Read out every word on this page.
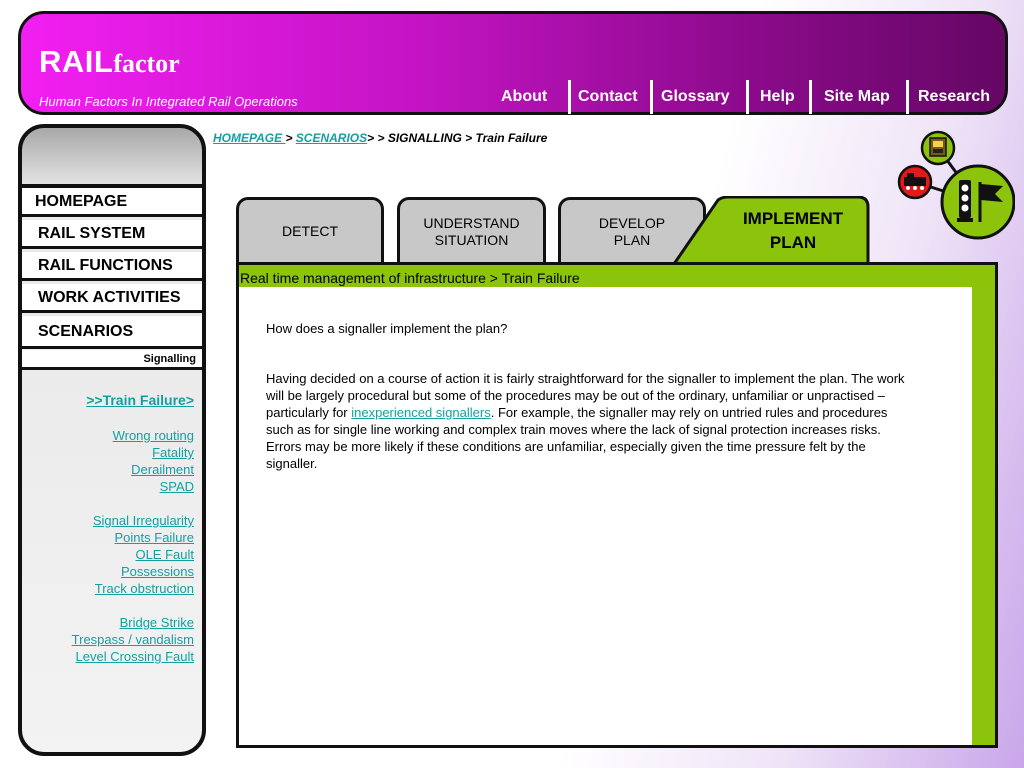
RAILfactor
Human Factors In Integrated Rail Operations	About Contact Glossary Help Site Map Research
HOMEPAGE
RAIL SYSTEM
RAIL FUNCTIONS
WORK ACTIVITIES
SCENARIOS
Signalling
>>Train Failure>
Wrong routing
Fatality
Derailment
SPAD
Signal Irregularity
Points Failure
OLE Fault
Possessions
Track obstruction
Bridge Strike
Trespass / vandalism
Level Crossing Fault
HOMEPAGE > SCENARIOS> > SIGNALLING > Train Failure
DETECT
UNDERSTAND
SITUATION
DEVELOP
PLAN
IMPLEMENT
PLAN
Real time management of infrastructure > Train Failure
How does a signaller implement the plan?
Having decided on a course of action it is fairly straightforward for the signaller to implement the plan. The work will be largely procedural but some of the procedures may be out of the ordinary, unfamiliar or unpractised – particularly for inexperienced signallers. For example, the signaller may rely on untried rules and procedures such as for single line working and complex train moves where the lack of signal protection increases risks. Errors may be more likely if these conditions are unfamiliar, especially given the time pressure felt by the signaller.
